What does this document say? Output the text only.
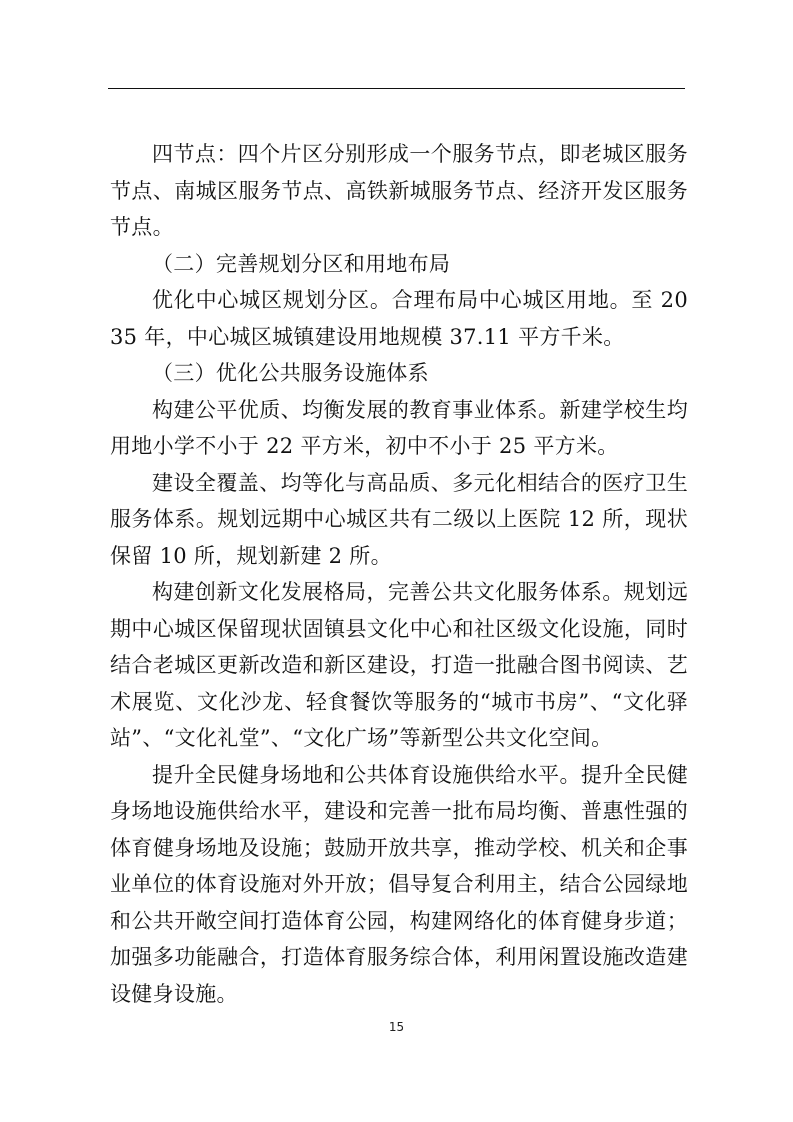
四节点：四个片区分别形成一个服务节点，即老城区服务节点、南城区服务节点、高铁新城服务节点、经济开发区服务节点。

（二）完善规划分区和用地布局

优化中心城区规划分区。合理布局中心城区用地。至 2035 年，中心城区城镇建设用地规模 37.11 平方千米。

（三）优化公共服务设施体系

构建公平优质、均衡发展的教育事业体系。新建学校生均用地小学不小于 22 平方米，初中不小于 25 平方米。

建设全覆盖、均等化与高品质、多元化相结合的医疗卫生服务体系。规划远期中心城区共有二级以上医院 12 所，现状保留 10 所，规划新建 2 所。

构建创新文化发展格局，完善公共文化服务体系。规划远期中心城区保留现状固镇县文化中心和社区级文化设施，同时结合老城区更新改造和新区建设，打造一批融合图书阅读、艺术展览、文化沙龙、轻食餐饮等服务的“城市书房”、“文化驿站”、“文化礼堂”、“文化广场”等新型公共文化空间。

提升全民健身场地和公共体育设施供给水平。提升全民健身场地设施供给水平，建设和完善一批布局均衡、普惠性强的体育健身场地及设施；鼓励开放共享，推动学校、机关和企事业单位的体育设施对外开放；倡导复合利用主，结合公园绿地和公共开敞空间打造体育公园，构建网络化的体育健身步道；加强多功能融合，打造体育服务综合体，利用闲置设施改造建设健身设施。

15
